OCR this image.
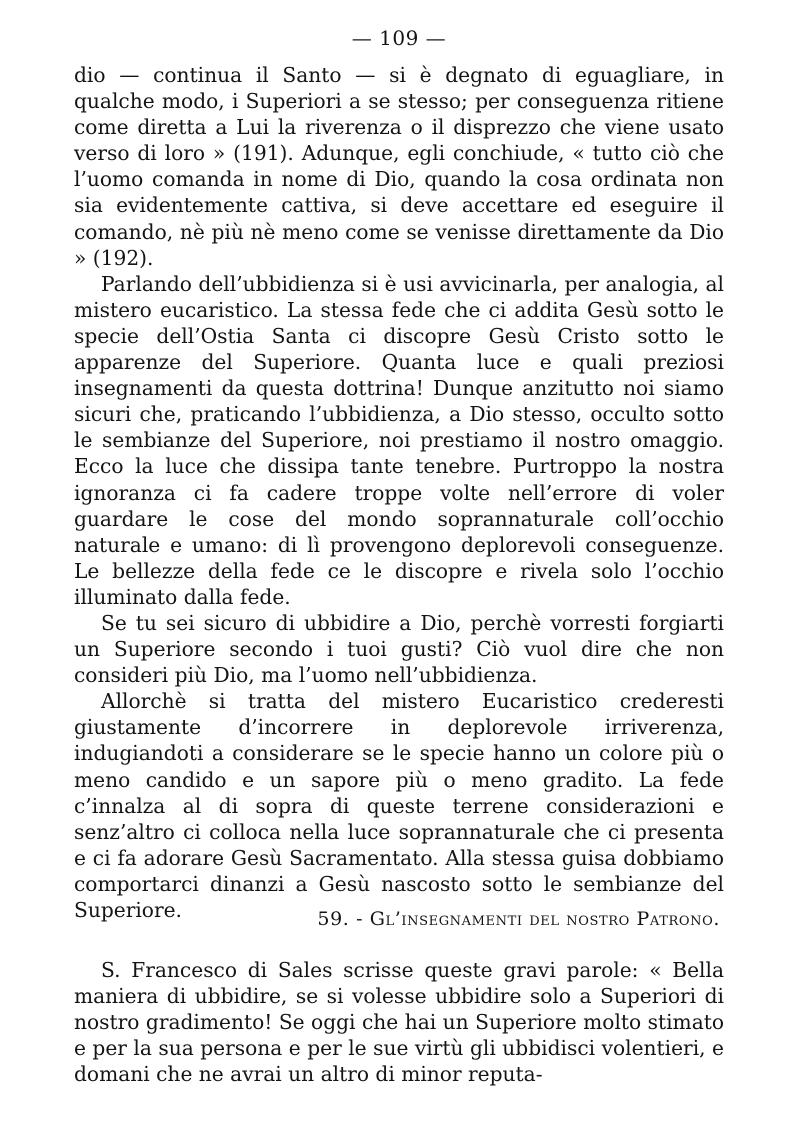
— 109 —

dio — continua il Santo — si è degnato di eguagliare, in qualche modo, i Superiori a se stesso; per conseguenza ritiene come diretta a Lui la riverenza o il disprezzo che viene usato verso di loro » (191). Adunque, egli conchiude, « tutto ciò che l’uomo comanda in nome di Dio, quando la cosa ordinata non sia evidentemente cattiva, si deve accettare ed eseguire il comando, nè più nè meno come se venisse direttamente da Dio » (192).

Parlando dell’ubbidienza si è usi avvicinarla, per analogia, al mistero eucaristico. La stessa fede che ci addita Gesù sotto le specie dell’Ostia Santa ci discopre Gesù Cristo sotto le apparenze del Superiore. Quanta luce e quali preziosi insegnamenti da questa dottrina! Dunque anzitutto noi siamo sicuri che, praticando l’ubbidienza, a Dio stesso, occulto sotto le sembianze del Superiore, noi prestiamo il nostro omaggio. Ecco la luce che dissipa tante tenebre. Purtroppo la nostra ignoranza ci fa cadere troppe volte nell’errore di voler guardare le cose del mondo soprannaturale coll’occhio naturale e umano: di lì provengono deplorevoli conseguenze. Le bellezze della fede ce le discopre e rivela solo l’occhio illuminato dalla fede.

Se tu sei sicuro di ubbidire a Dio, perchè vorresti forgiarti un Superiore secondo i tuoi gusti? Ciò vuol dire che non consideri più Dio, ma l’uomo nell’ubbidienza.

Allorchè si tratta del mistero Eucaristico crederesti giustamente d’incorrere in deplorevole irriverenza, indugiandoti a considerare se le specie hanno un colore più o meno candido e un sapore più o meno gradito. La fede c’innalza al di sopra di queste terrene considerazioni e senz’altro ci colloca nella luce soprannaturale che ci presenta e ci fa adorare Gesù Sacramentato. Alla stessa guisa dobbiamo comportarci dinanzi a Gesù nascosto sotto le sembianze del Superiore.	59. - Gl’insegnamenti del nostro Patrono.

S. Francesco di Sales scrisse queste gravi parole: « Bella maniera di ubbidire, se si volesse ubbidire solo a Superiori di nostro gradimento! Se oggi che hai un Superiore molto stimato e per la sua persona e per le sue virtù gli ubbidisci volentieri, e domani che ne avrai un altro di minor reputa-
